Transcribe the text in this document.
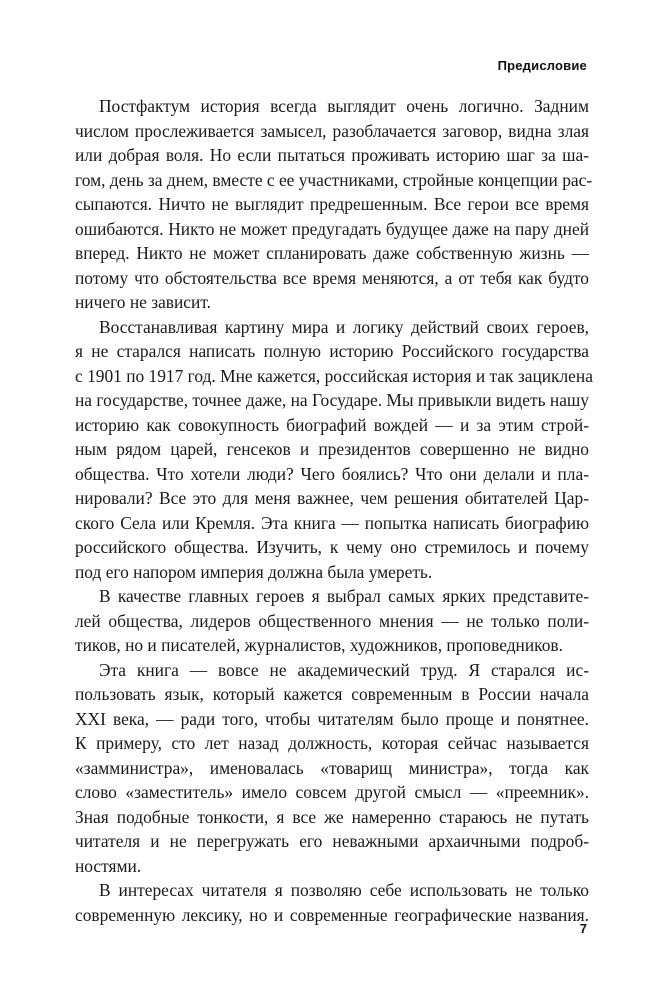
Предисловие
Постфактум история всегда выглядит очень логично. Задним
числом прослеживается замысел, разоблачается заговор, видна злая
или добрая воля. Но если пытаться проживать историю шаг за ша-
гом, день за днем, вместе с ее участниками, стройные концепции рас-
сыпаются. Ничто не выглядит предрешенным. Все герои все время
ошибаются. Никто не может предугадать будущее даже на пару дней
вперед. Никто не может спланировать даже собственную жизнь —
потому что обстоятельства все время меняются, а от тебя как будто
ничего не зависит.
Восстанавливая картину мира и логику действий своих героев,
я не старался написать полную историю Российского государства
с 1901 по 1917 год. Мне кажется, российская история и так зациклена
на государстве, точнее даже, на Государе. Мы привыкли видеть нашу
историю как совокупность биографий вождей — и за этим строй-
ным рядом царей, генсеков и президентов совершенно не видно
общества. Что хотели люди? Чего боялись? Что они делали и пла-
нировали? Все это для меня важнее, чем решения обитателей Цар-
ского Села или Кремля. Эта книга — попытка написать биографию
российского общества. Изучить, к чему оно стремилось и почему
под его напором империя должна была умереть.
В качестве главных героев я выбрал самых ярких представите-
лей общества, лидеров общественного мнения — не только поли-
тиков, но и писателей, журналистов, художников, проповедников.
Эта книга — вовсе не академический труд. Я старался ис-
пользовать язык, который кажется современным в России начала
XXI века, — ради того, чтобы читателям было проще и понятнее.
К примеру, сто лет назад должность, которая сейчас называется
«замминистра», именовалась «товарищ министра», тогда как
слово «заместитель» имело совсем другой смысл — «преемник».
Зная подобные тонкости, я все же намеренно стараюсь не путать
читателя и не перегружать его неважными архаичными подроб-
ностями.
В интересах читателя я позволяю себе использовать не только
современную лексику, но и современные географические названия.
7
